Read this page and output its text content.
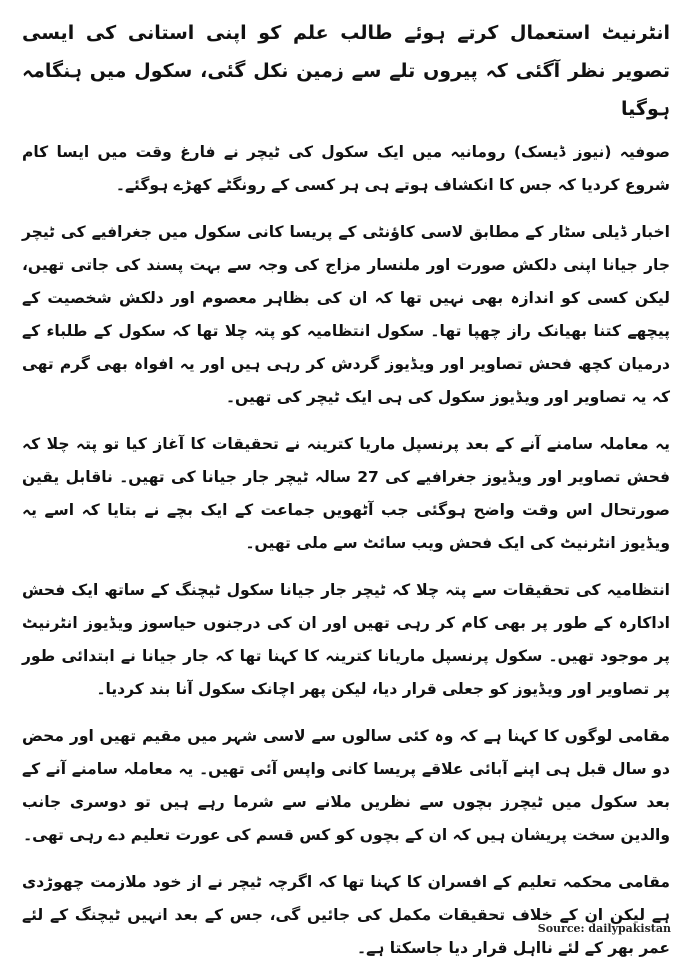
انٹرنیٹ استعمال کرتے ہوئے طالب علم کو اپنی استانی کی ایسی تصویر نظر آگئی کہ پیروں تلے سے زمین نکل گئی، سکول میں ہنگامہ ہوگیا

صوفیہ (نیوز ڈیسک) رومانیہ میں ایک سکول کی ٹیچر نے فارغ وقت میں ایسا کام شروع کردیا کہ جس کا انکشاف ہوتے ہی ہر کسی کے رونگٹے کھڑے ہوگئے۔

اخبار ڈیلی سٹار کے مطابق لاسی کاؤنٹی کے پریسا کانی سکول میں جغرافیے کی ٹیچر جار جیانا اپنی دلکش صورت اور ملنسار مزاج کی وجہ سے بہت پسند کی جاتی تھیں، لیکن کسی کو اندازہ بھی نہیں تھا کہ ان کی بظاہر معصوم اور دلکش شخصیت کے پیچھے کتنا بھیانک راز چھپا تھا۔ سکول انتظامیہ کو پتہ چلا تھا کہ سکول کے طلباء کے درمیان کچھ فحش تصاویر اور ویڈیوز گردش کر رہی ہیں اور یہ افواہ بھی گرم تھی کہ یہ تصاویر اور ویڈیوز سکول کی ہی ایک ٹیچر کی تھیں۔

یہ معاملہ سامنے آنے کے بعد پرنسپل ماریا کترینہ نے تحقیقات کا آغاز کیا تو پتہ چلا کہ فحش تصاویر اور ویڈیوز جغرافیے کی 27 سالہ ٹیچر جار جیانا کی تھیں۔ ناقابل یقین صورتحال اس وقت واضح ہوگئی جب آٹھویں جماعت کے ایک بچے نے بتایا کہ اسے یہ ویڈیوز انٹرنیٹ کی ایک فحش ویب سائٹ سے ملی تھیں۔

انتظامیہ کی تحقیقات سے پتہ چلا کہ ٹیچر جار جیانا سکول ٹیچنگ کے ساتھ ایک فحش اداکارہ کے طور پر بھی کام کر رہی تھیں اور ان کی درجنوں حیاسوز ویڈیوز انٹرنیٹ پر موجود تھیں۔ سکول پرنسپل ماریانا کترینہ کا کہنا تھا کہ جار جیانا نے ابتدائی طور پر تصاویر اور ویڈیوز کو جعلی قرار دیا، لیکن پھر اچانک سکول آنا بند کردیا۔

مقامی لوگوں کا کہنا ہے کہ وہ کئی سالوں سے لاسی شہر میں مقیم تھیں اور محض دو سال قبل ہی اپنے آبائی علاقے پریسا کانی واپس آئی تھیں۔ یہ معاملہ سامنے آنے کے بعد سکول میں ٹیچرز بچوں سے نظریں ملانے سے شرما رہے ہیں تو دوسری جانب والدین سخت پریشان ہیں کہ ان کے بچوں کو کس قسم کی عورت تعلیم دے رہی تھی۔

مقامی محکمہ تعلیم کے افسران کا کہنا تھا کہ اگرچہ ٹیچر نے از خود ملازمت چھوڑدی ہے لیکن ان کے خلاف تحقیقات مکمل کی جائیں گی، جس کے بعد انہیں ٹیچنگ کے لئے عمر بھر کے لئے نااہل قرار دیا جاسکتا ہے۔

Source: dailypakistan
